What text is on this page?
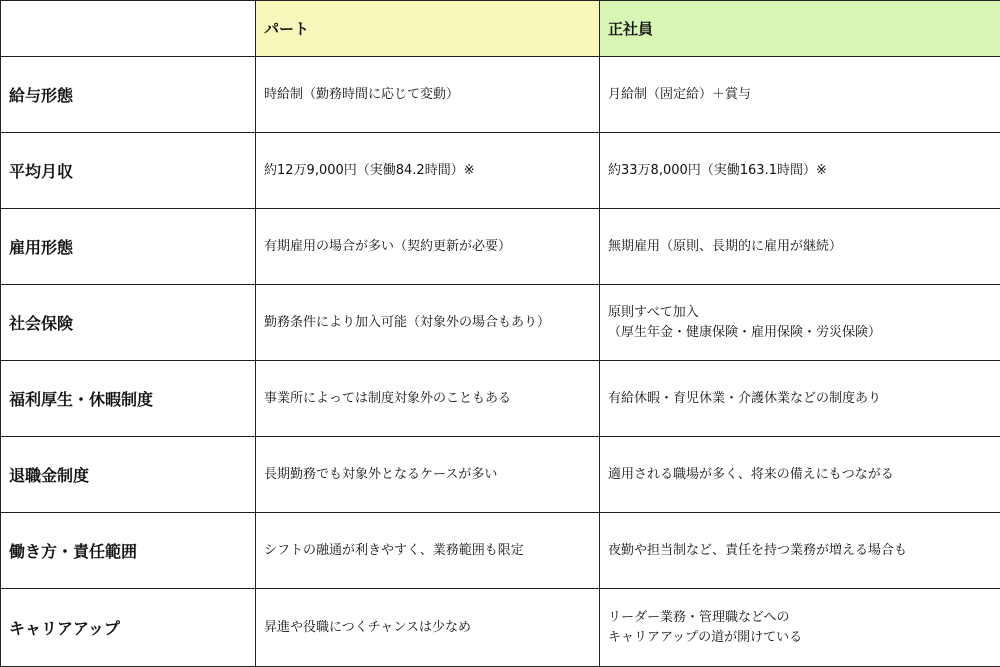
	パート	正社員
給与形態	時給制（勤務時間に応じて変動）	月給制（固定給）＋賞与

平均月収	約12万9,000円（実働84.2時間）※	約33万8,000円（実働163.1時間）※

雇用形態	有期雇用の場合が多い（契約更新が必要）	無期雇用（原則、長期的に雇用が継続）

社会保険	勤務条件により加入可能（対象外の場合もあり）	原則すべて加入
（厚生年金・健康保険・雇用保険・労災保険）

福利厚生・休暇制度	事業所によっては制度対象外のこともある	有給休暇・育児休業・介護休業などの制度あり

退職金制度	長期勤務でも対象外となるケースが多い	適用される職場が多く、将来の備えにもつながる

働き方・責任範囲	シフトの融通が利きやすく、業務範囲も限定	夜勤や担当制など、責任を持つ業務が増える場合も

キャリアアップ	昇進や役職につくチャンスは少なめ	リーダー業務・管理職などへの
キャリアアップの道が開けている
